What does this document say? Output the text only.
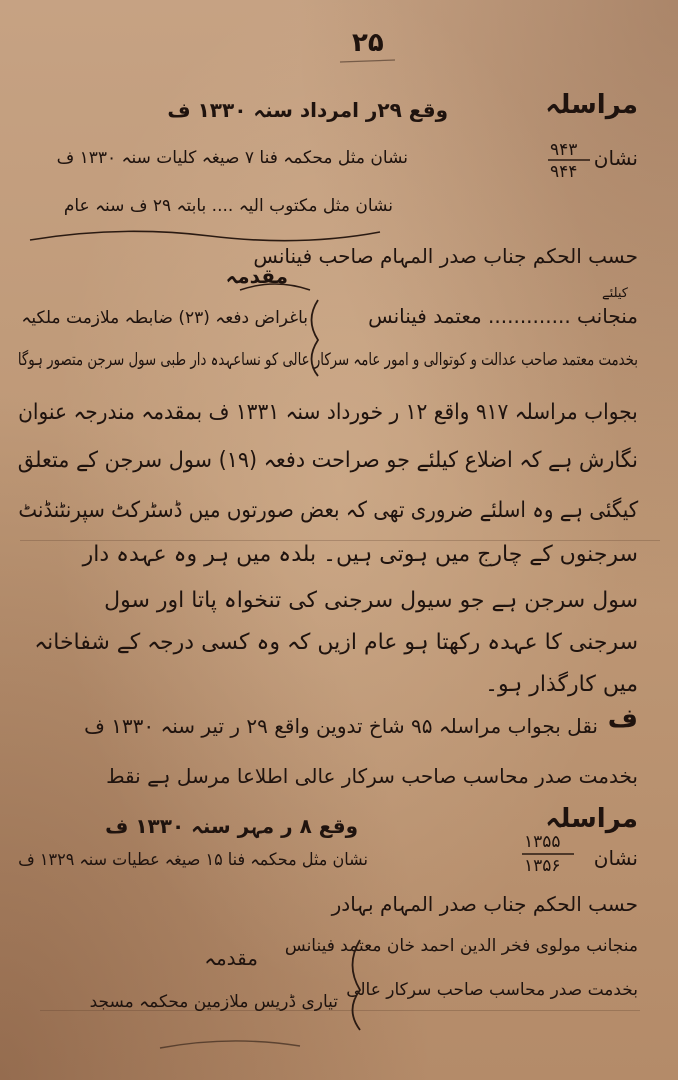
۲۵
مراسلہ
نشان
۹۴۳
۹۴۴
وقع ۲۹ر امرداد سنہ ۱۳۳۰ ف
نشان مثل محکمہ فنا ۷ صیغہ کلیات سنہ ۱۳۳۰ ف
نشان مثل مکتوب الیہ .... بابتہ ۲۹ ف سنہ عام
حسب الحکم جناب صدر المہام صاحب فینانس
مقدمہ
کیلئے
منجانب ............. معتمد فینانس
باغراض دفعہ (۲۳) ضابطہ ملازمت ملکیہ
بخدمت معتمد صاحب عدالت و کوتوالی و امور عامہ سرکار عالی کو نساعہدہ دار طبی سول سرجن متصور ہوگا
بجواب مراسلہ ۹۱۷ واقع ۱۲ ر خورداد سنہ ۱۳۳۱ ف بمقدمہ مندرجہ عنوان
نگارش ہے کہ اضلاع کیلئے جو صراحت دفعہ (۱۹) سول سرجن کے متعلق
کیگئی ہے وہ اسلئے ضروری تھی کہ بعض صورتوں میں ڈسٹرکٹ سپرنٹنڈنٹ
سرجنوں کے چارج میں ہوتی ہیں۔ بلدہ میں ہر وہ عہدہ دار
سول سرجن ہے جو سیول سرجنی کی تنخواہ پاتا اور سول
سرجنی کا عہدہ رکھتا ہو عام ازیں کہ وہ کسی درجہ کے شفاخانہ
میں کارگذار ہو۔
ف
نقل بجواب مراسلہ ۹۵ شاخ تدوین واقع ۲۹ ر تیر سنہ ۱۳۳۰ ف
بخدمت صدر محاسب صاحب سرکار عالی اطلاعا مرسل ہے نقط
مراسلہ
وقع ۸ ر مہر سنہ ۱۳۳۰ ف
نشان
۱۳۵۵
۱۳۵۶
نشان مثل محکمہ فنا ۱۵ صیغہ عطیات سنہ ۱۳۲۹ ف
حسب الحکم جناب صدر المہام بہادر
منجانب مولوی فخر الدین احمد خان معتمد فینانس
بخدمت صدر محاسب صاحب سرکار عالی
مقدمہ
تیاری ڈریس ملازمین محکمہ مسجد
